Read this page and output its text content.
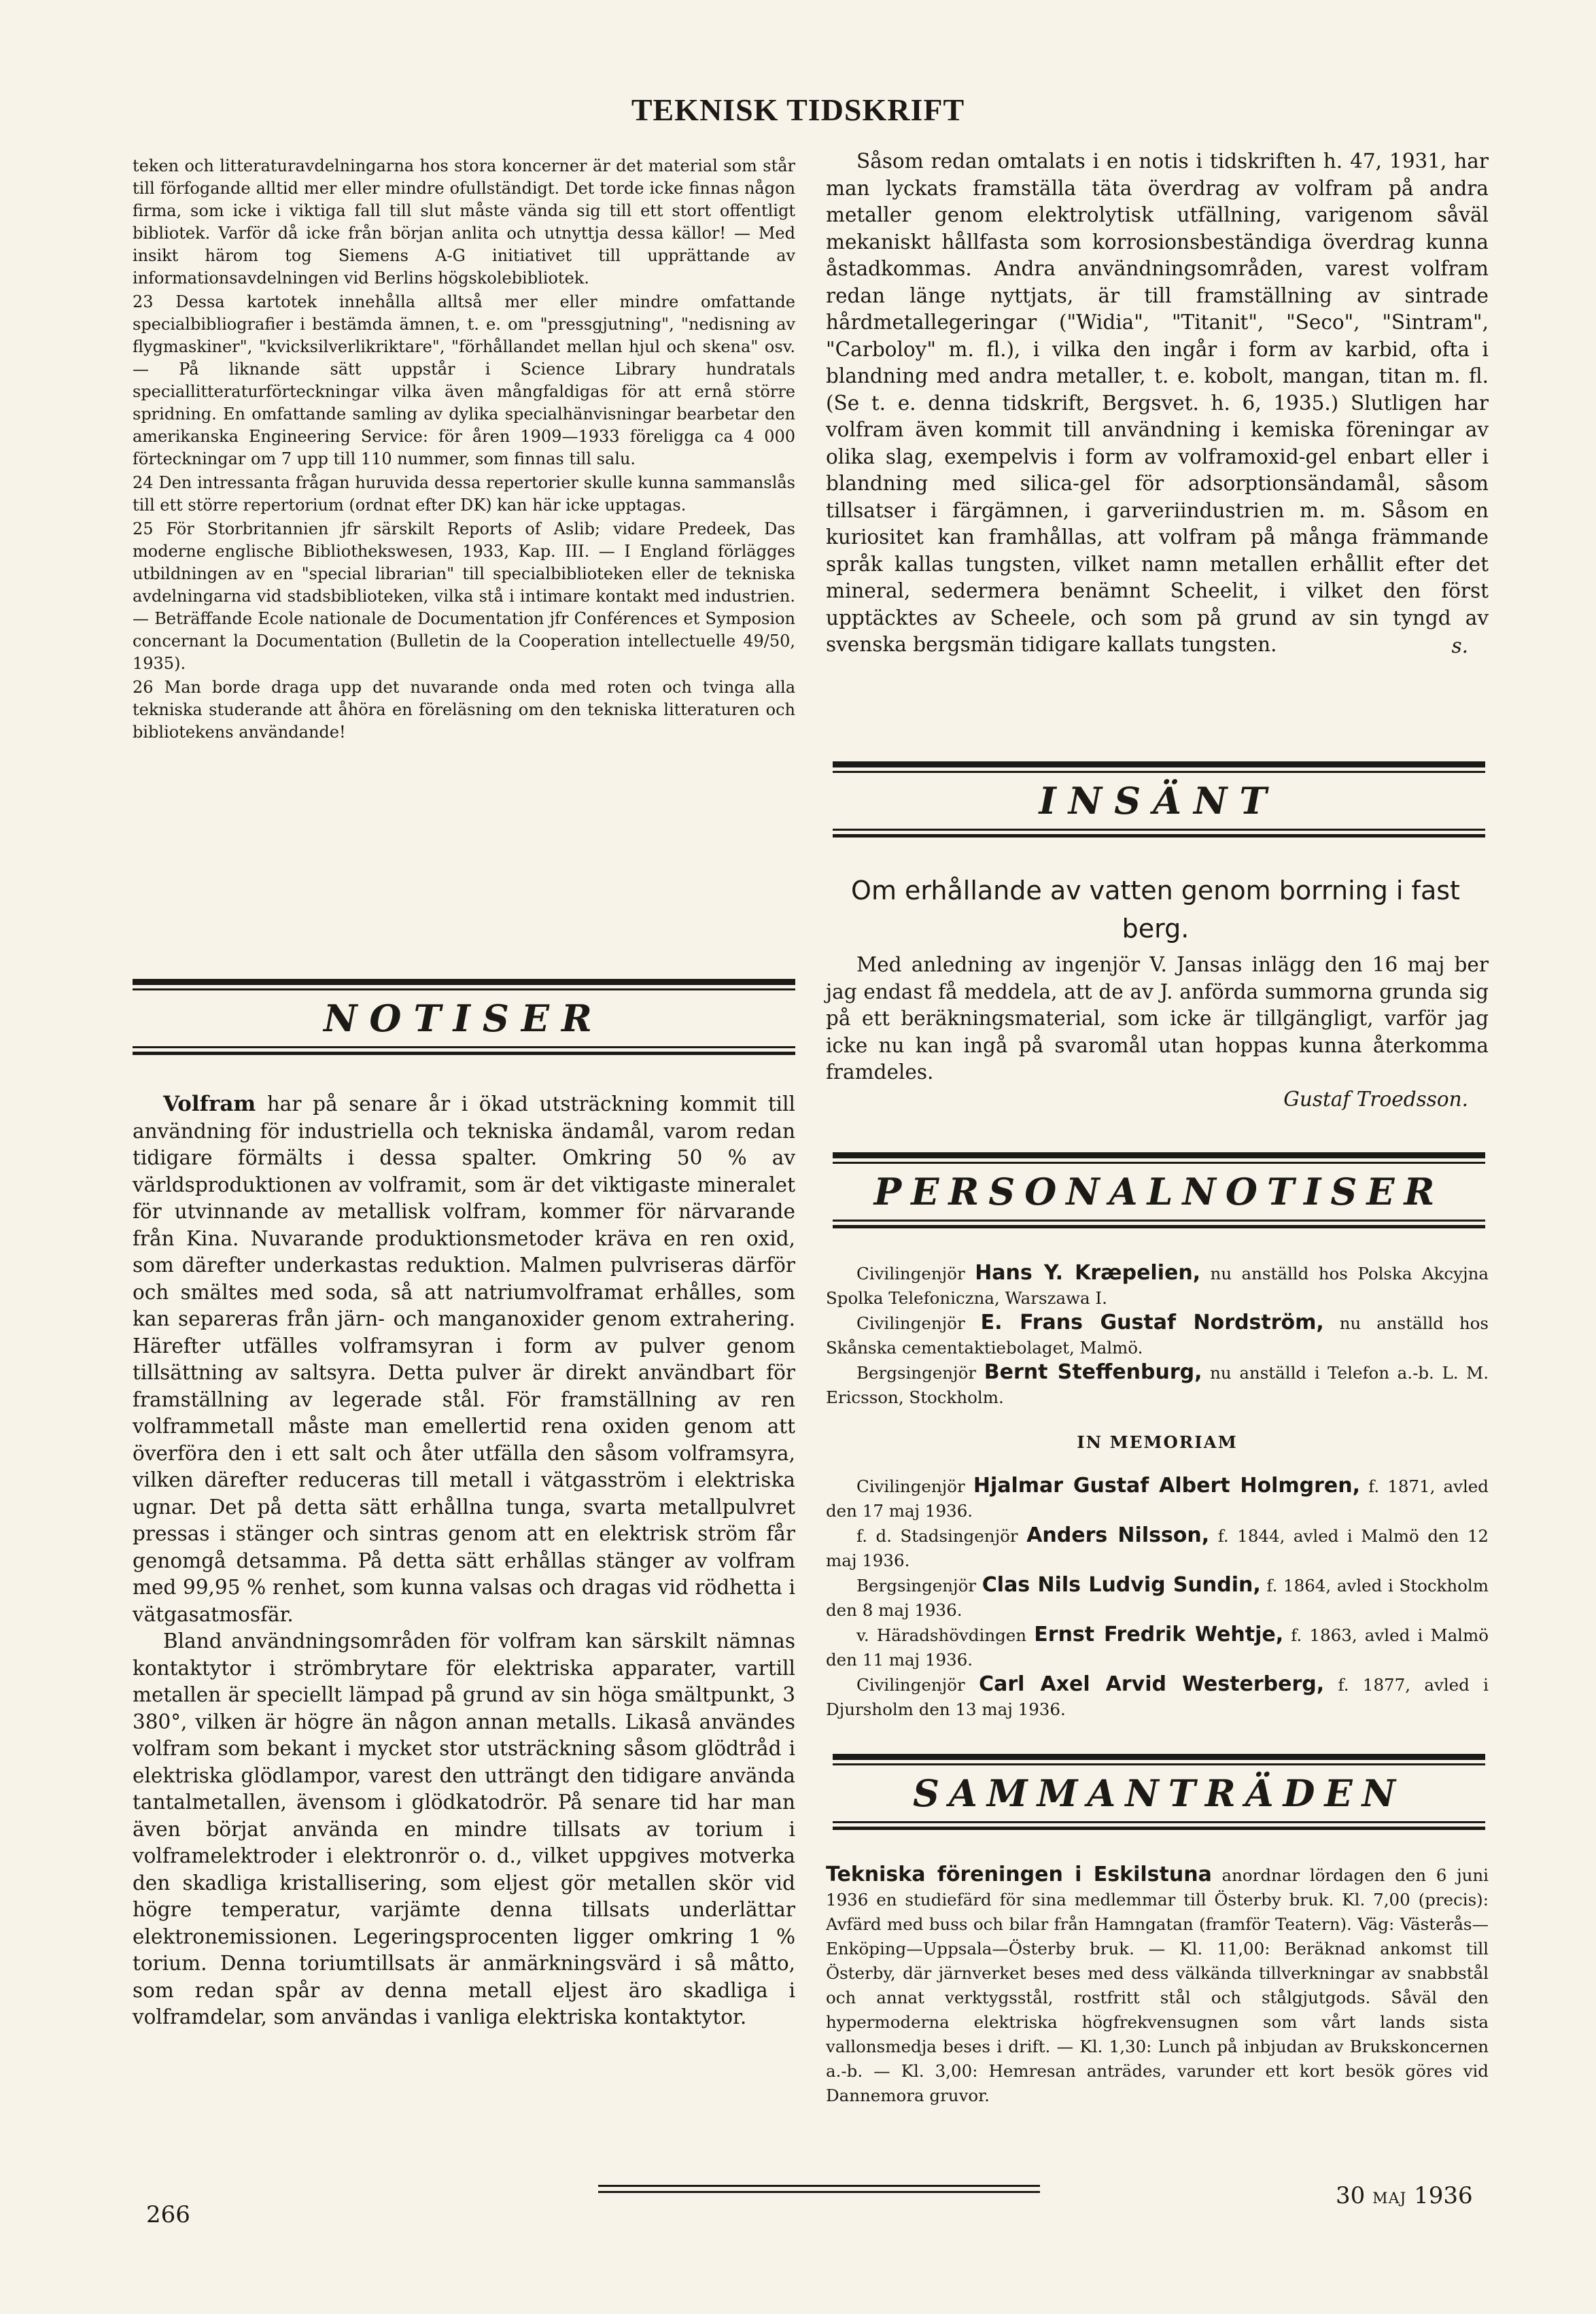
TEKNISK TIDSKRIFT

teken och litteraturavdelningarna hos stora koncerner är det material som står till förfogande alltid mer eller mindre ofullständigt. Det torde icke finnas någon firma, som icke i viktiga fall till slut måste vända sig till ett stort offentligt bibliotek. Varför då icke från början anlita och utnyttja dessa källor! — Med insikt härom tog Siemens A-G initiativet till upprättande av informationsavdelningen vid Berlins högskolebibliotek.

23 Dessa kartotek innehålla alltså mer eller mindre omfattande specialbibliografier i bestämda ämnen, t. e. om "pressgjutning", "nedisning av flygmaskiner", "kvicksilverlikriktare", "förhållandet mellan hjul och skena" osv. — På liknande sätt uppstår i Science Library hundratals speciallitteraturförteckningar vilka även mångfaldigas för att ernå större spridning. En omfattande samling av dylika specialhänvisningar bearbetar den amerikanska Engineering Service: för åren 1909—1933 föreligga ca 4 000 förteckningar om 7 upp till 110 nummer, som finnas till salu.

24 Den intressanta frågan huruvida dessa repertorier skulle kunna sammanslås till ett större repertorium (ordnat efter DK) kan här icke upptagas.

25 För Storbritannien jfr särskilt Reports of Aslib; vidare Predeek, Das moderne englische Bibliothekswesen, 1933, Kap. III. — I England förlägges utbildningen av en "special librarian" till specialbiblioteken eller de tekniska avdelningarna vid stadsbiblioteken, vilka stå i intimare kontakt med industrien. — Beträffande Ecole nationale de Documentation jfr Conférences et Symposion concernant la Documentation (Bulletin de la Cooperation intellectuelle 49/50, 1935).

26 Man borde draga upp det nuvarande onda med roten och tvinga alla tekniska studerande att åhöra en föreläsning om den tekniska litteraturen och bibliotekens användande!

NOTISER

Volfram har på senare år i ökad utsträckning kommit till användning för industriella och tekniska ändamål, varom redan tidigare förmälts i dessa spalter. Omkring 50 % av världsproduktionen av volframit, som är det viktigaste mineralet för utvinnande av metallisk volfram, kommer för närvarande från Kina. Nuvarande produktionsmetoder kräva en ren oxid, som därefter underkastas reduktion. Malmen pulvriseras därför och smältes med soda, så att natriumvolframat erhålles, som kan separeras från järn- och manganoxider genom extrahering. Härefter utfälles volframsyran i form av pulver genom tillsättning av saltsyra. Detta pulver är direkt användbart för framställning av legerade stål. För framställning av ren volframmetall måste man emellertid rena oxiden genom att överföra den i ett salt och åter utfälla den såsom volframsyra, vilken därefter reduceras till metall i vätgasström i elektriska ugnar. Det på detta sätt erhållna tunga, svarta metallpulvret pressas i stänger och sintras genom att en elektrisk ström får genomgå detsamma. På detta sätt erhållas stänger av volfram med 99,95 % renhet, som kunna valsas och dragas vid rödhetta i vätgasatmosfär.

Bland användningsområden för volfram kan särskilt nämnas kontaktytor i strömbrytare för elektriska apparater, vartill metallen är speciellt lämpad på grund av sin höga smältpunkt, 3 380°, vilken är högre än någon annan metalls. Likaså användes volfram som bekant i mycket stor utsträckning såsom glödtråd i elektriska glödlampor, varest den utträngt den tidigare använda tantalmetallen, ävensom i glödkatodrör. På senare tid har man även börjat använda en mindre tillsats av torium i volframelektroder i elektronrör o. d., vilket uppgives motverka den skadliga kristallisering, som eljest gör metallen skör vid högre temperatur, varjämte denna tillsats underlättar elektronemissionen. Legeringsprocenten ligger omkring 1 % torium. Denna toriumtillsats är anmärkningsvärd i så måtto, som redan spår av denna metall eljest äro skadliga i volframdelar, som användas i vanliga elektriska kontaktytor.

Såsom redan omtalats i en notis i tidskriften h. 47, 1931, har man lyckats framställa täta överdrag av volfram på andra metaller genom elektrolytisk utfällning, varigenom såväl mekaniskt hållfasta som korrosionsbeständiga överdrag kunna åstadkommas. Andra användningsområden, varest volfram redan länge nyttjats, är till framställning av sintrade hårdmetallegeringar ("Widia", "Titanit", "Seco", "Sintram", "Carboloy" m. fl.), i vilka den ingår i form av karbid, ofta i blandning med andra metaller, t. e. kobolt, mangan, titan m. fl. (Se t. e. denna tidskrift, Bergsvet. h. 6, 1935.) Slutligen har volfram även kommit till användning i kemiska föreningar av olika slag, exempelvis i form av volframoxid-gel enbart eller i blandning med silica-gel för adsorptionsändamål, såsom tillsatser i färgämnen, i garveriindustrien m. m. Såsom en kuriositet kan framhållas, att volfram på många främmande språk kallas tungsten, vilket namn metallen erhållit efter det mineral, sedermera benämnt Scheelit, i vilket den först upptäcktes av Scheele, och som på grund av sin tyngd av svenska bergsmän tidigare kallats tungsten.	s.

INSÄNT
Om erhållande av vatten genom borrning i fast berg.

Med anledning av ingenjör V. Jansas inlägg den 16 maj ber jag endast få meddela, att de av J. anförda summorna grunda sig på ett beräkningsmaterial, som icke är tillgängligt, varför jag icke nu kan ingå på svaromål utan hoppas kunna återkomma framdeles.

Gustaf Troedsson.

PERSONALNOTISER

Civilingenjör Hans Y. Kræpelien, nu anställd hos Polska Akcyjna Spolka Telefoniczna, Warszawa I.

Civilingenjör E. Frans Gustaf Nordström, nu anställd hos Skånska cementaktiebolaget, Malmö.

Bergsingenjör Bernt Steffenburg, nu anställd i Telefon a.-b. L. M. Ericsson, Stockholm.

IN MEMORIAM

Civilingenjör Hjalmar Gustaf Albert Holmgren, f. 1871, avled den 17 maj 1936.

f. d. Stadsingenjör Anders Nilsson, f. 1844, avled i Malmö den 12 maj 1936.

Bergsingenjör Clas Nils Ludvig Sundin, f. 1864, avled i Stockholm den 8 maj 1936.

v. Häradshövdingen Ernst Fredrik Wehtje, f. 1863, avled i Malmö den 11 maj 1936.

Civilingenjör Carl Axel Arvid Westerberg, f. 1877, avled i Djursholm den 13 maj 1936.

SAMMANTRÄDEN

Tekniska föreningen i Eskilstuna anordnar lördagen den 6 juni 1936 en studiefärd för sina medlemmar till Österby bruk. Kl. 7,00 (precis): Avfärd med buss och bilar från Hamngatan (framför Teatern). Väg: Västerås—Enköping—Uppsala—Österby bruk. — Kl. 11,00: Beräknad ankomst till Österby, där järnverket beses med dess välkända tillverkningar av snabbstål och annat verktygsstål, rostfritt stål och stålgjutgods. Såväl den hypermoderna elektriska högfrekvensugnen som vårt lands sista vallonsmedja beses i drift. — Kl. 1,30: Lunch på inbjudan av Brukskoncernen a.-b. — Kl. 3,00: Hemresan anträdes, varunder ett kort besök göres vid Dannemora gruvor.

266
30 MAJ 1936
